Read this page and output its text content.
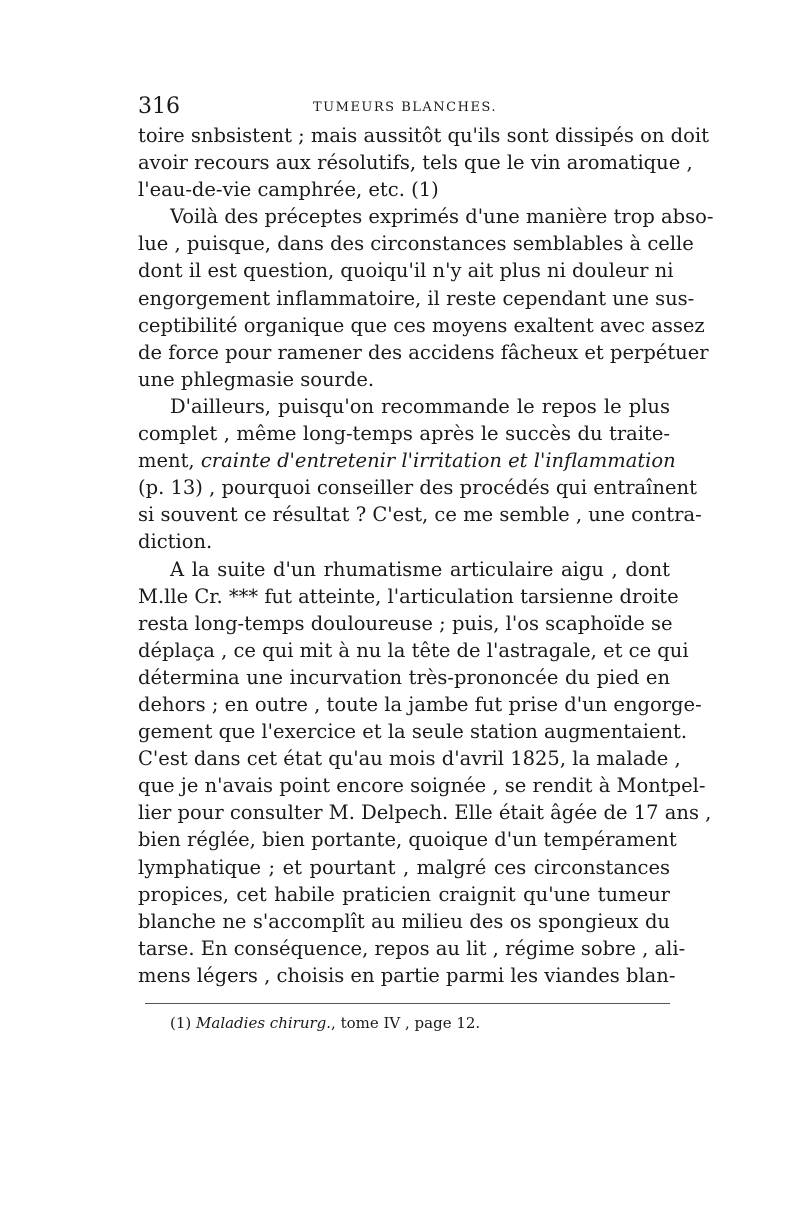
316	TUMEURS BLANCHES.
toire snbsistent ; mais aussitôt qu'ils sont dissipés on doit
avoir recours aux résolutifs, tels que le vin aromatique ,
l'eau-de-vie camphrée, etc. (1)
Voilà des préceptes exprimés d'une manière trop abso-
lue , puisque, dans des circonstances semblables à celle
dont il est question, quoiqu'il n'y ait plus ni douleur ni
engorgement inflammatoire, il reste cependant une sus-
ceptibilité organique que ces moyens exaltent avec assez
de force pour ramener des accidens fâcheux et perpétuer
une phlegmasie sourde.
D'ailleurs, puisqu'on recommande le repos le plus
complet , même long-temps après le succès du traite-
ment, crainte d'entretenir l'irritation et l'inflammation
(p. 13) , pourquoi conseiller des procédés qui entraînent
si souvent ce résultat ? C'est, ce me semble , une contra-
diction.
A la suite d'un rhumatisme articulaire aigu , dont
M.lle Cr. *** fut atteinte, l'articulation tarsienne droite
resta long-temps douloureuse ; puis, l'os scaphoïde se
déplaça , ce qui mit à nu la tête de l'astragale, et ce qui
détermina une incurvation très-prononcée du pied en
dehors ; en outre , toute la jambe fut prise d'un engorge-
gement que l'exercice et la seule station augmentaient.
C'est dans cet état qu'au mois d'avril 1825, la malade ,
que je n'avais point encore soignée , se rendit à Montpel-
lier pour consulter M. Delpech. Elle était âgée de 17 ans ,
bien réglée, bien portante, quoique d'un tempérament
lymphatique ; et pourtant , malgré ces circonstances
propices, cet habile praticien craignit qu'une tumeur
blanche ne s'accomplît au milieu des os spongieux du
tarse. En conséquence, repos au lit , régime sobre , ali-
mens légers , choisis en partie parmi les viandes blan-
(1) Maladies chirurg., tome IV , page 12.
